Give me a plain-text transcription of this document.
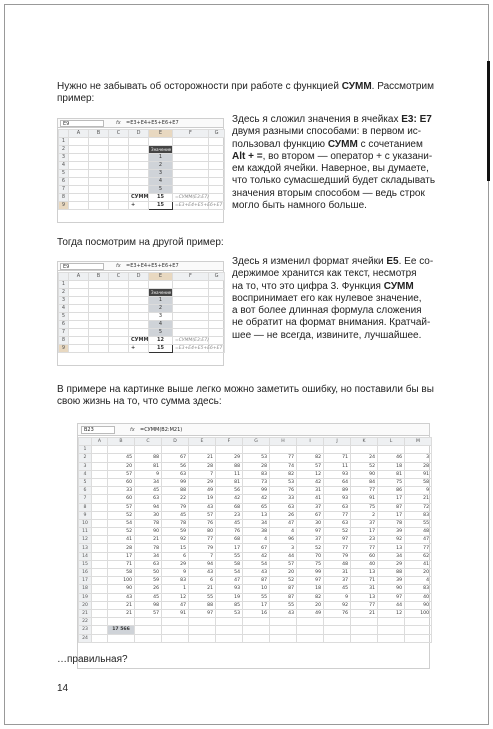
Нужно не забывать об осторожности при работе с функцией СУММ. Рассмотрим пример:

E9	fx =E3+E4+E5+E6+E7
	A	B	C	D	E	F	G
1							
2					Значение		
3					1		
4					2		
5					3		
6					4		
7					5		
8				СУММ	15	=СУММ(E3:E7)	
9				+	15	=E3+E4+E5+E6+E7	

Здесь я сложил значения в ячейках E3: E7
двумя разными способами: в первом ис-
пользовал функцию СУММ с сочетанием
Alt + =, во втором — оператор + с указани-
ем каждой ячейки. Наверное, вы думаете,
что только сумасшедший будет складывать
значения вторым способом — ведь строк
могло быть намного больше.

Тогда посмотрим на другой пример:

E9	fx =E3+E4+E5+E6+E7
	A	B	C	D	E	F	G
1							
2					Значение		
3					1		
4					2		
5					3		
6					4		
7					5		
8				СУММ	12	=СУММ(E3:E7)	
9				+	15	=E3+E4+E5+E6+E7	

Здесь я изменил формат ячейки E5. Ее со-
держимое хранится как текст, несмотря
на то, что это цифра 3. Функция СУММ
воспринимает его как нулевое значение,
а вот более длинная формула сложения
не обратит на формат внимания. Кратчай-
шее — не всегда, извините, лучшайшее.

В примере на картинке выше легко можно заметить ошибку, но поставили бы вы
свою жизнь на то, что сумма здесь:

B23	fx =СУММ(B2:M21)
	A	B	C	D	E	F	G	H	I	J	K	L	M
1													
2		45	88	67	21	29	53	77	82	71	24	46	3
3		20	81	56	28	88	28	74	57	11	52	18	28
4		57	9	63	7	11	83	82	12	93	90	81	91
5		60	34	99	29	81	73	53	42	64	84	75	58
6		33	45	88	49	56	99	76	31	89	77	86	9
7		60	63	22	19	42	42	33	41	93	91	17	21
8		57	94	79	43	68	65	63	37	63	75	87	72
9		52	30	45	57	23	13	26	67	77	2	17	83
10		54	78	78	76	45	34	47	30	63	37	78	55
11		52	90	59	80	76	38	4	97	52	17	39	48
12		41	21	92	77	68	4	96	37	97	23	92	47
13		28	78	15	79	17	67	3	52	77	77	13	77
14		17	34	6	7	55	42	44	70	79	60	34	62
15		71	63	29	94	58	54	57	75	48	40	29	41
16		58	50	9	43	54	43	20	99	31	13	88	20
17		100	59	83	6	47	87	52	97	37	71	39	4
18		90	26	1	21	93	10	87	18	45	31	90	83
19		43	45	12	55	19	55	87	82	9	13	97	40
20		21	98	47	88	85	17	55	20	92	77	44	90
21		21	57	91	97	53	16	43	49	76	21	12	100
22													
23		17 566											
24													

…правильная?

14
